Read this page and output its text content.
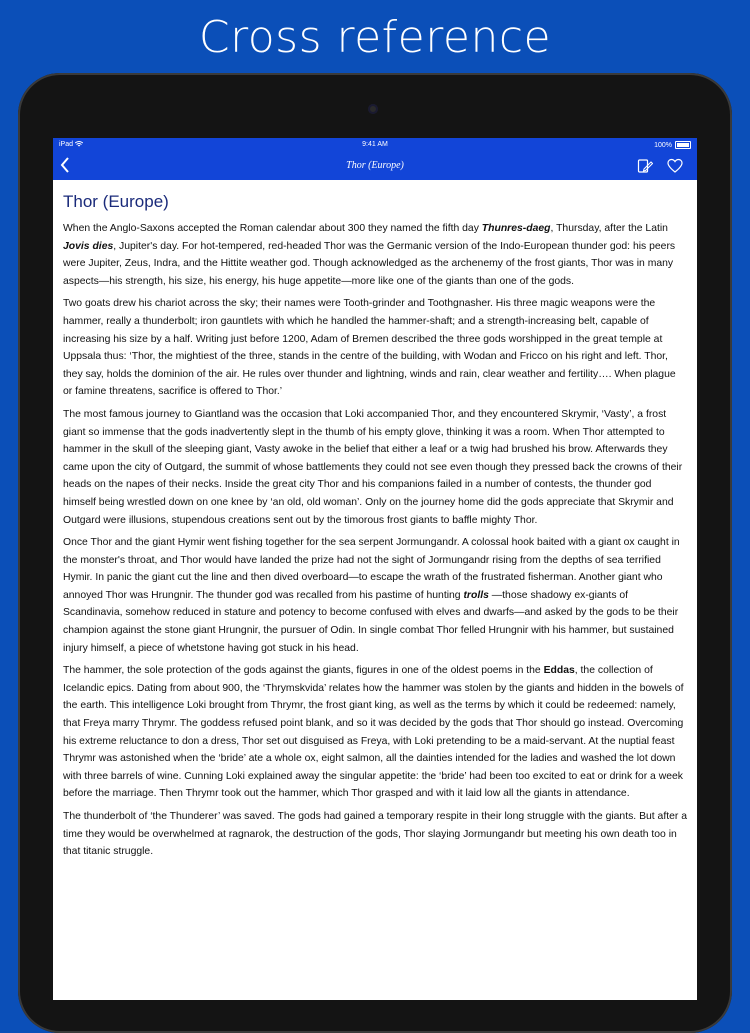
Cross reference
iPad	9:41 AM	100%
Thor (Europe)
Thor (Europe)

When the Anglo-Saxons accepted the Roman calendar about 300 they named the fifth day Thunres-daeg, Thursday, after the Latin Jovis dies, Jupiter's day. For hot-tempered, red-headed Thor was the Germanic version of the Indo-European thunder god: his peers were Jupiter, Zeus, Indra, and the Hittite weather god. Though acknowledged as the archenemy of the frost giants, Thor was in many aspects—his strength, his size, his energy, his huge appetite—more like one of the giants than one of the gods.

Two goats drew his chariot across the sky; their names were Tooth-grinder and Toothgnasher. His three magic weapons were the hammer, really a thunderbolt; iron gauntlets with which he handled the hammer-shaft; and a strength-increasing belt, capable of increasing his size by a half. Writing just before 1200, Adam of Bremen described the three gods worshipped in the great temple at Uppsala thus: ‘Thor, the mightiest of the three, stands in the centre of the building, with Wodan and Fricco on his right and left. Thor, they say, holds the dominion of the air. He rules over thunder and lightning, winds and rain, clear weather and fertility…. When plague or famine threatens, sacrifice is offered to Thor.’

The most famous journey to Giantland was the occasion that Loki accompanied Thor, and they encountered Skrymir, ‘Vasty’, a frost giant so immense that the gods inadvertently slept in the thumb of his empty glove, thinking it was a room. When Thor attempted to hammer in the skull of the sleeping giant, Vasty awoke in the belief that either a leaf or a twig had brushed his brow. Afterwards they came upon the city of Outgard, the summit of whose battlements they could not see even though they pressed back the crowns of their heads on the napes of their necks. Inside the great city Thor and his companions failed in a number of contests, the thunder god himself being wrestled down on one knee by ‘an old, old woman’. Only on the journey home did the gods appreciate that Skrymir and Outgard were illusions, stupendous creations sent out by the timorous frost giants to baffle mighty Thor.

Once Thor and the giant Hymir went fishing together for the sea serpent Jormungandr. A colossal hook baited with a giant ox caught in the monster's throat, and Thor would have landed the prize had not the sight of Jormungandr rising from the depths of sea terrified Hymir. In panic the giant cut the line and then dived overboard—to escape the wrath of the frustrated fisherman. Another giant who annoyed Thor was Hrungnir. The thunder god was recalled from his pastime of hunting trolls —those shadowy ex-giants of Scandinavia, somehow reduced in stature and potency to become confused with elves and dwarfs—and asked by the gods to be their champion against the stone giant Hrungnir, the pursuer of Odin. In single combat Thor felled Hrungnir with his hammer, but sustained injury himself, a piece of whetstone having got stuck in his head.

The hammer, the sole protection of the gods against the giants, figures in one of the oldest poems in the Eddas, the collection of Icelandic epics. Dating from about 900, the ‘Thrymskvida’ relates how the hammer was stolen by the giants and hidden in the bowels of the earth. This intelligence Loki brought from Thrymr, the frost giant king, as well as the terms by which it could be redeemed: namely, that Freya marry Thrymr. The goddess refused point blank, and so it was decided by the gods that Thor should go instead. Overcoming his extreme reluctance to don a dress, Thor set out disguised as Freya, with Loki pretending to be a maid-servant. At the nuptial feast Thrymr was astonished when the ‘bride’ ate a whole ox, eight salmon, all the dainties intended for the ladies and washed the lot down with three barrels of wine. Cunning Loki explained away the singular appetite: the ‘bride’ had been too excited to eat or drink for a week before the marriage. Then Thrymr took out the hammer, which Thor grasped and with it laid low all the giants in attendance.

The thunderbolt of ‘the Thunderer’ was saved. The gods had gained a temporary respite in their long struggle with the giants. But after a time they would be overwhelmed at ragnarok, the destruction of the gods, Thor slaying Jormungandr but meeting his own death too in that titanic struggle.
